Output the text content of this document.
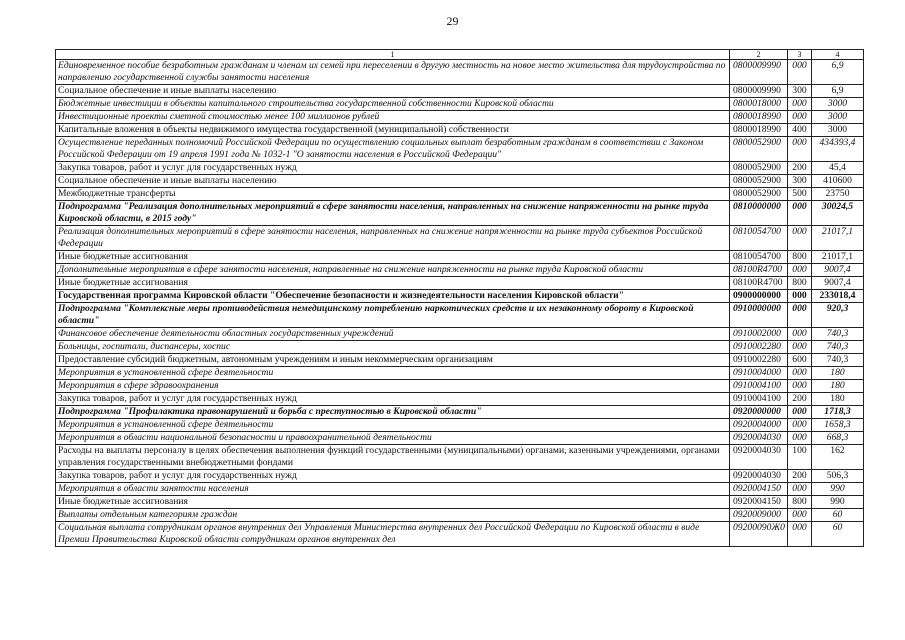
29
1	2	3	4
Единовременное пособие безработным гражданам и членам их семей при переселении в другую местность на новое место жительства для трудоустройства по направлению государственной службы занятости населения	0800009990	000	6,9
Социальное обеспечение и иные выплаты населению	0800009990	300	6,9
Бюджетные инвестиции в объекты капитального строительства государственной собственности Кировской области	0800018000	000	3000
Инвестиционные проекты сметной стоимостью менее 100 миллионов рублей	0800018990	000	3000
Капитальные вложения в объекты недвижимого имущества государственной (муниципальной) собственности	0800018990	400	3000
Осуществление переданных полномочий Российской Федерации по осуществлению социальных выплат безработным гражданам в соответствии с Законом Российской Федерации от 19 апреля 1991 года № 1032-1 "О занятости населения в Российской Федерации"	0800052900	000	434393,4
Закупка товаров, работ и услуг для государственных нужд	0800052900	200	45,4
Социальное обеспечение и иные выплаты населению	0800052900	300	410600
Межбюджетные трансферты	0800052900	500	23750
Подпрограмма "Реализация дополнительных мероприятий в сфере занятости населения, направленных на снижение напряженности на рынке труда Кировской области, в 2015 году"	0810000000	000	30024,5
Реализация дополнительных мероприятий в сфере занятости населения, направленных на снижение напряженности на рынке труда субъектов Российской Федерации	0810054700	000	21017,1
Иные бюджетные ассигнования	0810054700	800	21017,1
Дополнительные мероприятия в сфере занятости населения, направленные на снижение напряженности на рынке труда Кировской области	08100R4700	000	9007,4
Иные бюджетные ассигнования	08100R4700	800	9007,4
Государственная программа Кировской области "Обеспечение безопасности и жизнедеятельности населения Кировской области"	0900000000	000	233018,4
Подпрограмма "Комплексные меры противодействия немедицинскому потреблению наркотических средств и их незаконному обороту в Кировской области"	0910000000	000	920,3
Финансовое обеспечение деятельности областных государственных учреждений	0910002000	000	740,3
Больницы, госпитали, диспансеры, хоспис	0910002280	000	740,3
Предоставление субсидий бюджетным, автономным учреждениям и иным некоммерческим организациям	0910002280	600	740,3
Мероприятия в установленной сфере деятельности	0910004000	000	180
Мероприятия в сфере здравоохранения	0910004100	000	180
Закупка товаров, работ и услуг для государственных нужд	0910004100	200	180
Подпрограмма "Профилактика правонарушений и борьба с преступностью в Кировской области"	0920000000	000	1718,3
Мероприятия в установленной сфере деятельности	0920004000	000	1658,3
Мероприятия в области национальной безопасности и правоохранительной деятельности	0920004030	000	668,3
Расходы на выплаты персоналу в целях обеспечения выполнения функций государственными (муниципальными) органами, казенными учреждениями, органами управления государственными внебюджетными фондами	0920004030	100	162
Закупка товаров, работ и услуг для государственных нужд	0920004030	200	506,3
Мероприятия в области занятости населения	0920004150	000	990
Иные бюджетные ассигнования	0920004150	800	990
Выплаты отдельным категориям граждан	0920009000	000	60
Социальная выплата сотрудникам органов внутренних дел Управления Министерства внутренних дел Российской Федерации по Кировской области в виде Премии Правительства Кировской области сотрудникам органов внутренних дел	09200090Ж0	000	60
